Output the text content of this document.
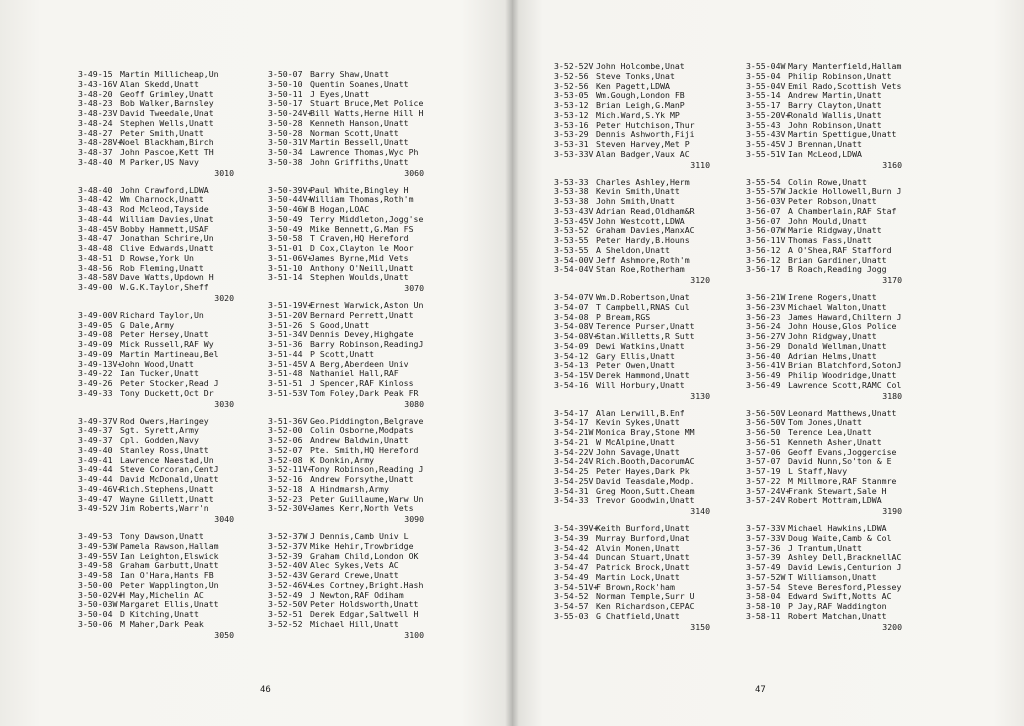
3-49-15 Martin Millicheap,Un
3-43-16V Alan Skedd,Unatt
3-48-20 Geoff Grimley,Unatt
3-48-23 Bob Walker,Barnsley
3-48-23V David Tweedale,Unat
3-48-24 Stephen Wells,Unatt
3-48-27 Peter Smith,Unatt
3-48-28V+
Noel Blackham,Birch
3-48-37 John Pascoe,Kett TH
3-48-40 M Parker,US Navy
3010
3-48-40 John Crawford,LDWA
3-48-42 Wm Charnock,Unatt
3-48-43 Rod Mcleod,Tayside
3-48-44 William Davies,Unat
3-48-45V Bobby Hammett,USAF
3-48-47 Jonathan Schrire,Un
3-48-48 Clive Edwards,Unatt
3-48-51 D Rowse,York Un
3-48-56 Rob Fleming,Unatt
3-48-58V Dave Watts,Updown H
3-49-00 W.G.K.Taylor,Sheff
3020
3-49-00V Richard Taylor,Un
3-49-05 G Dale,Army
3-49-08 Peter Hersey,Unatt
3-49-09 Mick Russell,RAF Wy
3-49-09 Martin Martineau,Bel
3-49-13V+
John Wood,Unatt
3-49-22 Ian Tucker,Unatt
3-49-26 Peter Stocker,Read J
3-49-33 Tony Duckett,Oct Dr
3030
3-49-37V Rod Owers,Haringey
3-49-37 Sgt. Syrett,Army
3-49-37 Cpl. Godden,Navy
3-49-40 Stanley Ross,Unatt
3-49-41 Lawrence Naestad,Un
3-49-44 Steve Corcoran,CentJ
3-49-44 David McDonald,Unatt
3-49-46V+
Rich.Stephens,Unatt
3-49-47 Wayne Gillett,Unatt
3-49-52V Jim Roberts,Warr'n
3040
3-49-53 Tony Dawson,Unatt
3-49-53W Pamela Rawson,Hallam
3-49-55V Ian Leighton,Elswick
3-49-58 Graham Garbutt,Unatt
3-49-58 Ian O'Hara,Hants FB
3-50-00 Peter Wapplington,Un
3-50-02V+
H May,Michelin AC
3-50-03W Margaret Ellis,Unatt
3-50-04 D Kitching,Unatt
3-50-06 M Maher,Dark Peak
3050
3-50-07 Barry Shaw,Unatt
3-50-10 Quentin Soanes,Unatt
3-50-11 J Eyes,Unatt
3-50-17 Stuart Bruce,Met Police
3-50-24V+
Bill Watts,Herne Hill H
3-50-28 Kenneth Hanson,Unatt
3-50-28 Norman Scott,Unatt
3-50-31V Martin Bessell,Unatt
3-50-34 Lawrence Thomas,Wyc Ph
3-50-38 John Griffiths,Unatt
3060
3-50-39V+
Paul White,Bingley H
3-50-44V+
William Thomas,Roth'm
3-50-46W B Hogan,LOAC
3-50-49 Terry Middleton,Jogg'se
3-50-49 Mike Bennett,G.Man FS
3-50-58 T Craven,HQ Hereford
3-51-01 D Cox,Clayton le Moor
3-51-06V+
James Byrne,Mid Vets
3-51-10 Anthony O'Neill,Unatt
3-51-14 Stephen Woulds,Unatt
3070
3-51-19V+
Ernest Warwick,Aston Un
3-51-20V Bernard Perrett,Unatt
3-51-26 S Good,Unatt
3-51-34V Dennis Devey,Highgate
3-51-36 Barry Robinson,ReadingJ
3-51-44 P Scott,Unatt
3-51-45V A Berg,Aberdeen Univ
3-51-48 Nathaniel Hall,RAF
3-51-51 J Spencer,RAF Kinloss
3-51-53V Tom Foley,Dark Peak FR
3080
3-51-36V Geo.Piddington,Belgrave
3-52-00 Colin Osborne,Modpats
3-52-06 Andrew Baldwin,Unatt
3-52-07 Pte. Smith,HQ Hereford
3-52-08 K Donkin,Army
3-52-11V+
Tony Robinson,Reading J
3-52-16 Andrew Forsythe,Unatt
3-52-18 A Hindmarsh,Army
3-52-23 Peter Guillaume,Warw Un
3-52-30V+
James Kerr,North Vets
3090
3-52-37W J Dennis,Camb Univ L
3-52-37V Mike Hehir,Trowbridge
3-52-39 Graham Child,London OK
3-52-40V Alec Sykes,Vets AC
3-52-43V Gerard Crewe,Unatt
3-52-46V+
Les Cortney,Bright.Hash
3-52-49 J Newton,RAF Odiham
3-52-50V Peter Holdsworth,Unatt
3-52-51 Derek Edgar,Saltwell H
3-52-52 Michael Hill,Unatt
3100
46
3-52-52V John Holcombe,Unat
3-52-56 Steve Tonks,Unat
3-52-56 Ken Pagett,LDWA
3-53-05 Wm.Gough,London FB
3-53-12 Brian Leigh,G.ManP
3-53-12 Mich.Ward,S.Yk MP
3-53-16 Peter Hutchison,Thur
3-53-29 Dennis Ashworth,Fiji
3-53-31 Steven Harvey,Met P
3-53-33V Alan Badger,Vaux AC
3110
3-53-33 Charles Ashley,Herm
3-53-38 Kevin Smith,Unatt
3-53-38 John Smith,Unatt
3-53-43V Adrian Read,Oldham&R
3-53-45V John Westcott,LDWA
3-53-52 Graham Davies,ManxAC
3-53-55 Peter Hardy,B.Houns
3-53-55 A Sheldon,Unatt
3-54-00V Jeff Ashmore,Roth'm
3-54-04V Stan Roe,Rotherham
3120
3-54-07V Wm.D.Robertson,Unat
3-54-07 T Campbell,RNAS Cul
3-54-08 P Bream,RGS
3-54-08V Terence Purser,Unatt
3-54-08V+
Stan.Willetts,R Sutt
3-54-09 Dewi Watkins,Unatt
3-54-12 Gary Ellis,Unatt
3-54-13 Peter Owen,Unatt
3-54-15V Derek Hammond,Unatt
3-54-16 Will Horbury,Unatt
3130
3-54-17 Alan Lerwill,B.Enf
3-54-17 Kevin Sykes,Unatt
3-54-21W Monica Bray,Stone MM
3-54-21 W McAlpine,Unatt
3-54-22V John Savage,Unatt
3-54-24V Rich.Booth,DacorumAC
3-54-25 Peter Hayes,Dark Pk
3-54-25V David Teasdale,Modp.
3-54-31 Greg Moon,Sutt.Cheam
3-54-33 Trevor Goodwin,Unatt
3140
3-54-39V+
Keith Burford,Unatt
3-54-39 Murray Burford,Unat
3-54-42 Alvin Monen,Unatt
3-54-44 Duncan Stuart,Unatt
3-54-47 Patrick Brock,Unatt
3-54-49 Martin Lock,Unatt
3-54-51V+
F Brown,Rock'ham
3-54-52 Norman Temple,Surr U
3-54-57 Ken Richardson,CEPAC
3-55-03 G Chatfield,Unatt
3150
3-55-04W Mary Manterfield,Hallam
3-55-04 Philip Robinson,Unatt
3-55-04V Emil Rado,Scottish Vets
3-55-14 Andrew Martin,Unatt
3-55-17 Barry Clayton,Unatt
3-55-20V+
Ronald Wallis,Unatt
3-55-43 John Robinson,Unatt
3-55-43V Martin Spettigue,Unatt
3-55-45V J Brennan,Unatt
3-55-51V Ian McLeod,LDWA
3160
3-55-54 Colin Rowe,Unatt
3-55-57W Jackie Hollowell,Burn J
3-56-03V Peter Robson,Unatt
3-56-07 A Chamberlain,RAF Staf
3-56-07 John Mould,Unatt
3-56-07W Marie Ridgway,Unatt
3-56-11V Thomas Fass,Unatt
3-56-12 A O'Shea,RAF Stafford
3-56-12 Brian Gardiner,Unatt
3-56-17 B Roach,Reading Jogg
3170
3-56-21W Irene Rogers,Unatt
3-56-23V Michael Walton,Unatt
3-56-23 James Haward,Chiltern J
3-56-24 John House,Glos Police
3-56-27V John Ridgway,Unatt
3-56-29 Donald Wellman,Unatt
3-56-40 Adrian Helms,Unatt
3-56-41V Brian Blatchford,SotonJ
3-56-49 Philip Woodridge,Unatt
3-56-49 Lawrence Scott,RAMC Col
3180
3-56-50V Leonard Matthews,Unatt
3-56-50V Tom Jones,Unatt
3-56-50 Terence Lea,Unatt
3-56-51 Kenneth Asher,Unatt
3-57-06 Geoff Evans,Joggercise
3-57-07 David Nunn,So'ton & E
3-57-19 L Staff,Navy
3-57-22 M Millmore,RAF Stanmre
3-57-24V+
Frank Stewart,Sale H
3-57-24V Robert Mottram,LDWA
3190
3-57-33V Michael Hawkins,LDWA
3-57-33V Doug Waite,Camb & Col
3-57-36 J Trantum,Unatt
3-57-39 Ashley Dell,BracknellAC
3-57-49 David Lewis,Centurion J
3-57-52W T Williamson,Unatt
3-57-54 Steve Beresford,Plessey
3-58-04 Edward Swift,Notts AC
3-58-10 P Jay,RAF Waddington
3-58-11 Robert Matchan,Unatt
3200
47
